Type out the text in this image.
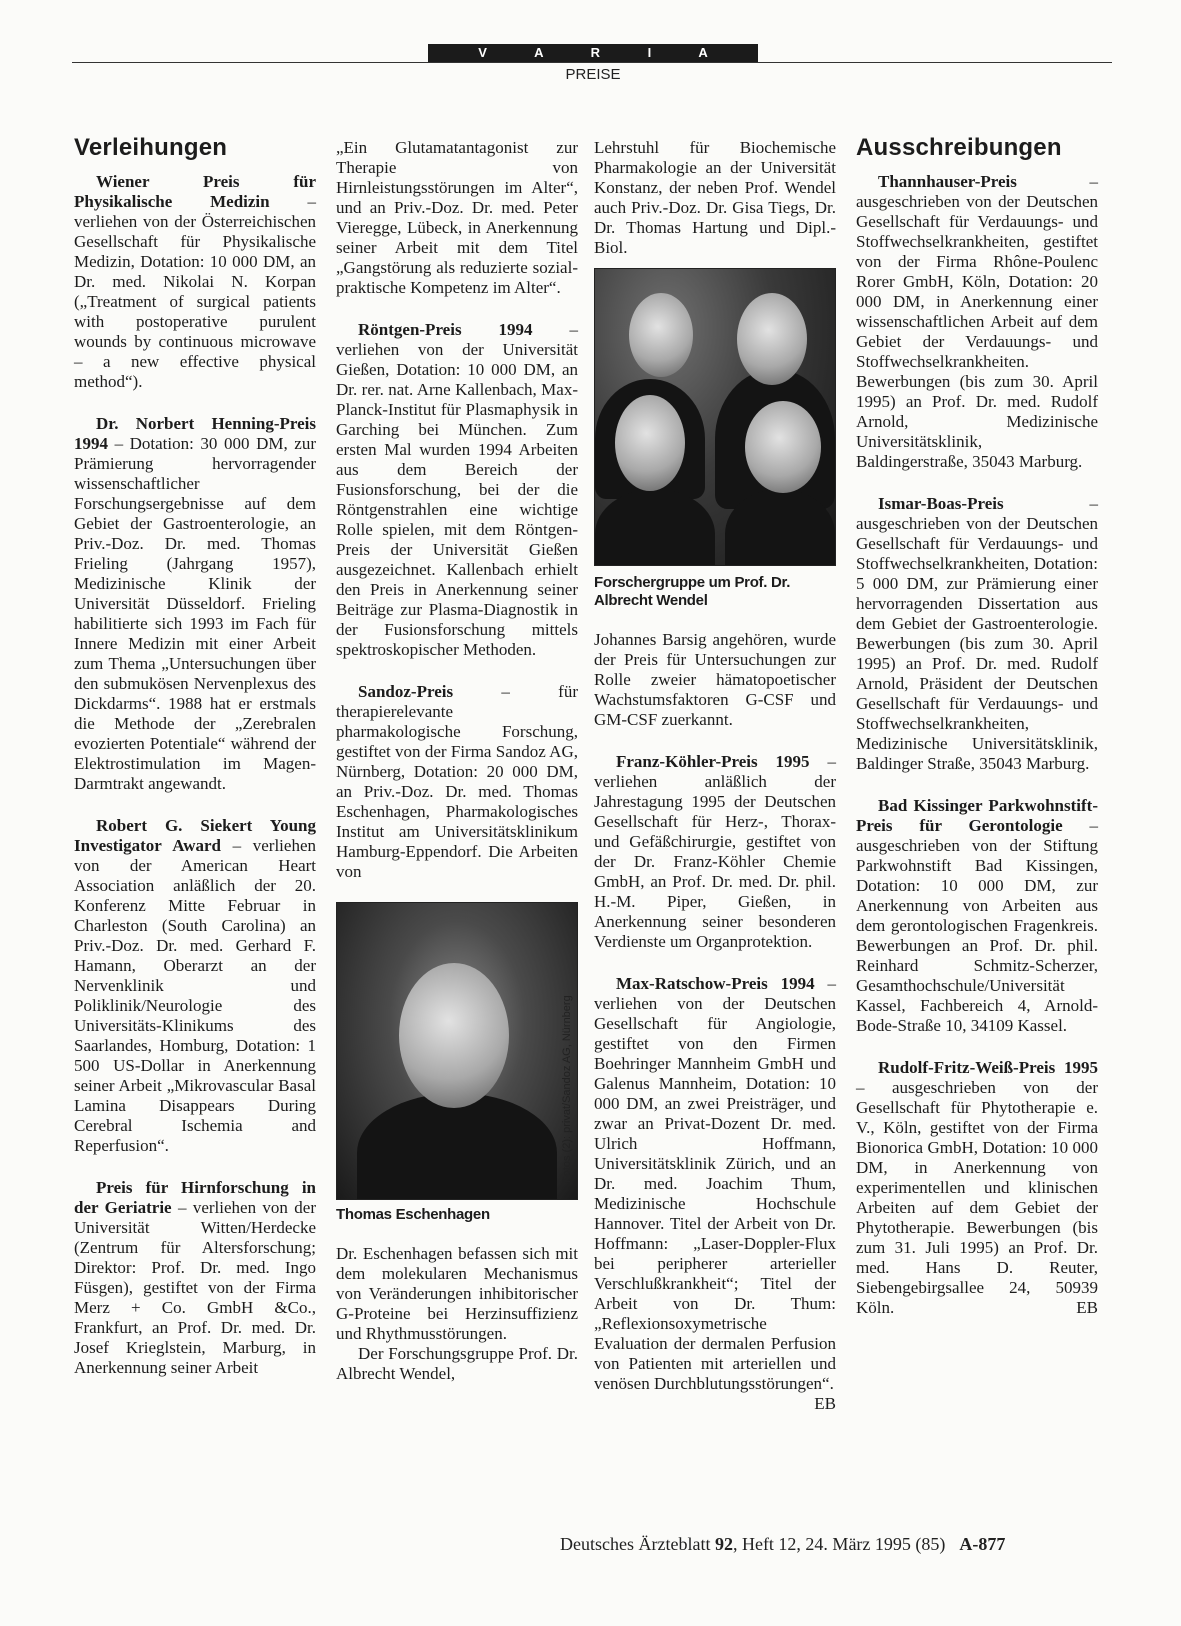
V A R I A
PREISE
Verleihungen

Wiener Preis für Physikalische Medizin – verliehen von der Österreichischen Gesellschaft für Physikalische Medizin, Dotation: 10 000 DM, an Dr. med. Nikolai N. Korpan („Treatment of surgical patients with postoperative purulent wounds by continuous microwave – a new effective physical method“).

Dr. Norbert Henning-Preis 1994 – Dotation: 30 000 DM, zur Prämierung hervorragender wissenschaftlicher Forschungsergebnisse auf dem Gebiet der Gastroenterologie, an Priv.-Doz. Dr. med. Thomas Frieling (Jahrgang 1957), Medizinische Klinik der Universität Düsseldorf. Frieling habilitierte sich 1993 im Fach für Innere Medizin mit einer Arbeit zum Thema „Untersuchungen über den submukösen Nervenplexus des Dickdarms“. 1988 hat er erstmals die Methode der „Zerebralen evozierten Potentiale“ während der Elektrostimulation im Magen-Darmtrakt angewandt.

Robert G. Siekert Young Investigator Award – verliehen von der American Heart Association anläßlich der 20. Konferenz Mitte Februar in Charleston (South Carolina) an Priv.-Doz. Dr. med. Gerhard F. Hamann, Oberarzt an der Nervenklinik und Poliklinik/Neurologie des Universitäts-Klinikums des Saarlandes, Homburg, Dotation: 1 500 US-Dollar in Anerkennung seiner Arbeit „Mikrovascular Basal Lamina Disappears During Cerebral Ischemia and Reperfusion“.

Preis für Hirnforschung in der Geriatrie – verliehen von der Universität Witten/Herdecke (Zentrum für Altersforschung; Direktor: Prof. Dr. med. Ingo Füsgen), gestiftet von der Firma Merz + Co. GmbH &Co., Frankfurt, an Prof. Dr. med. Dr. Josef Krieglstein, Marburg, in Anerkennung seiner Arbeit

„Ein Glutamatantagonist zur Therapie von Hirnleistungsstörungen im Alter“, und an Priv.-Doz. Dr. med. Peter Vieregge, Lübeck, in Anerkennung seiner Arbeit mit dem Titel „Gangstörung als reduzierte sozial-praktische Kompetenz im Alter“.

Röntgen-Preis 1994 – verliehen von der Universität Gießen, Dotation: 10 000 DM, an Dr. rer. nat. Arne Kallenbach, Max-Planck-Institut für Plasmaphysik in Garching bei München. Zum ersten Mal wurden 1994 Arbeiten aus dem Bereich der Fusionsforschung, bei der die Röntgenstrahlen eine wichtige Rolle spielen, mit dem Röntgen-Preis der Universität Gießen ausgezeichnet. Kallenbach erhielt den Preis in Anerkennung seiner Beiträge zur Plasma-Diagnostik in der Fusionsforschung mittels spektroskopischer Methoden.

Sandoz-Preis – für therapierelevante pharmakologische Forschung, gestiftet von der Firma Sandoz AG, Nürnberg, Dotation: 20 000 DM, an Priv.-Doz. Dr. med. Thomas Eschenhagen, Pharmakologisches Institut am Universitätsklinikum Hamburg-Eppendorf. Die Arbeiten von

Fotos (2): privat/Sandoz AG, Nürnberg
Thomas Eschenhagen

Dr. Eschenhagen befassen sich mit dem molekularen Mechanismus von Veränderungen inhibitorischer G-Proteine bei Herzinsuffizienz und Rhythmusstörungen.

Der Forschungsgruppe Prof. Dr. Albrecht Wendel,

Lehrstuhl für Biochemische Pharmakologie an der Universität Konstanz, der neben Prof. Wendel auch Priv.-Doz. Dr. Gisa Tiegs, Dr. Dr. Thomas Hartung und Dipl.-Biol.

Forschergruppe um Prof. Dr. Albrecht Wendel

Johannes Barsig angehören, wurde der Preis für Untersuchungen zur Rolle zweier hämatopoetischer Wachstumsfaktoren G-CSF und GM-CSF zuerkannt.

Franz-Köhler-Preis 1995 – verliehen anläßlich der Jahrestagung 1995 der Deutschen Gesellschaft für Herz-, Thorax- und Gefäßchirurgie, gestiftet von der Dr. Franz-Köhler Chemie GmbH, an Prof. Dr. med. Dr. phil. H.-M. Piper, Gießen, in Anerkennung seiner besonderen Verdienste um Organprotektion.

Max-Ratschow-Preis 1994 – verliehen von der Deutschen Gesellschaft für Angiologie, gestiftet von den Firmen Boehringer Mannheim GmbH und Galenus Mannheim, Dotation: 10 000 DM, an zwei Preisträger, und zwar an Privat-Dozent Dr. med. Ulrich Hoffmann, Universitätsklinik Zürich, und an Dr. med. Joachim Thum, Medizinische Hochschule Hannover. Titel der Arbeit von Dr. Hoffmann: „Laser-Doppler-Flux bei peripherer arterieller Verschlußkrankheit“; Titel der Arbeit von Dr. Thum: „Reflexionsoxymetrische Evaluation der dermalen Perfusion von Patienten mit arteriellen und venösen Durchblutungsstörungen“.
EB

Ausschreibungen

Thannhauser-Preis – ausgeschrieben von der Deutschen Gesellschaft für Verdauungs- und Stoffwechselkrankheiten, gestiftet von der Firma Rhône-Poulenc Rorer GmbH, Köln, Dotation: 20 000 DM, in Anerkennung einer wissenschaftlichen Arbeit auf dem Gebiet der Verdauungs- und Stoffwechselkrankheiten. Bewerbungen (bis zum 30. April 1995) an Prof. Dr. med. Rudolf Arnold, Medizinische Universitätsklinik, Baldingerstraße, 35043 Marburg.

Ismar-Boas-Preis – ausgeschrieben von der Deutschen Gesellschaft für Verdauungs- und Stoffwechselkrankheiten, Dotation: 5 000 DM, zur Prämierung einer hervorragenden Dissertation aus dem Gebiet der Gastroenterologie. Bewerbungen (bis zum 30. April 1995) an Prof. Dr. med. Rudolf Arnold, Präsident der Deutschen Gesellschaft für Verdauungs- und Stoffwechselkrankheiten, Medizinische Universitätsklinik, Baldinger Straße, 35043 Marburg.

Bad Kissinger Parkwohnstift-Preis für Gerontologie – ausgeschrieben von der Stiftung Parkwohnstift Bad Kissingen, Dotation: 10 000 DM, zur Anerkennung von Arbeiten aus dem gerontologischen Fragenkreis. Bewerbungen an Prof. Dr. phil. Reinhard Schmitz-Scherzer, Gesamthochschule/Universität Kassel, Fachbereich 4, Arnold-Bode-Straße 10, 34109 Kassel.

Rudolf-Fritz-Weiß-Preis 1995 – ausgeschrieben von der Gesellschaft für Phytotherapie e. V., Köln, gestiftet von der Firma Bionorica GmbH, Dotation: 10 000 DM, in Anerkennung von experimentellen und klinischen Arbeiten auf dem Gebiet der Phytotherapie. Bewerbungen (bis zum 31. Juli 1995) an Prof. Dr. med. Hans D. Reuter, Siebengebirgsallee 24, 50939 Köln.	EB

Deutsches Ärzteblatt 92, Heft 12, 24. März 1995 (85) A-877
